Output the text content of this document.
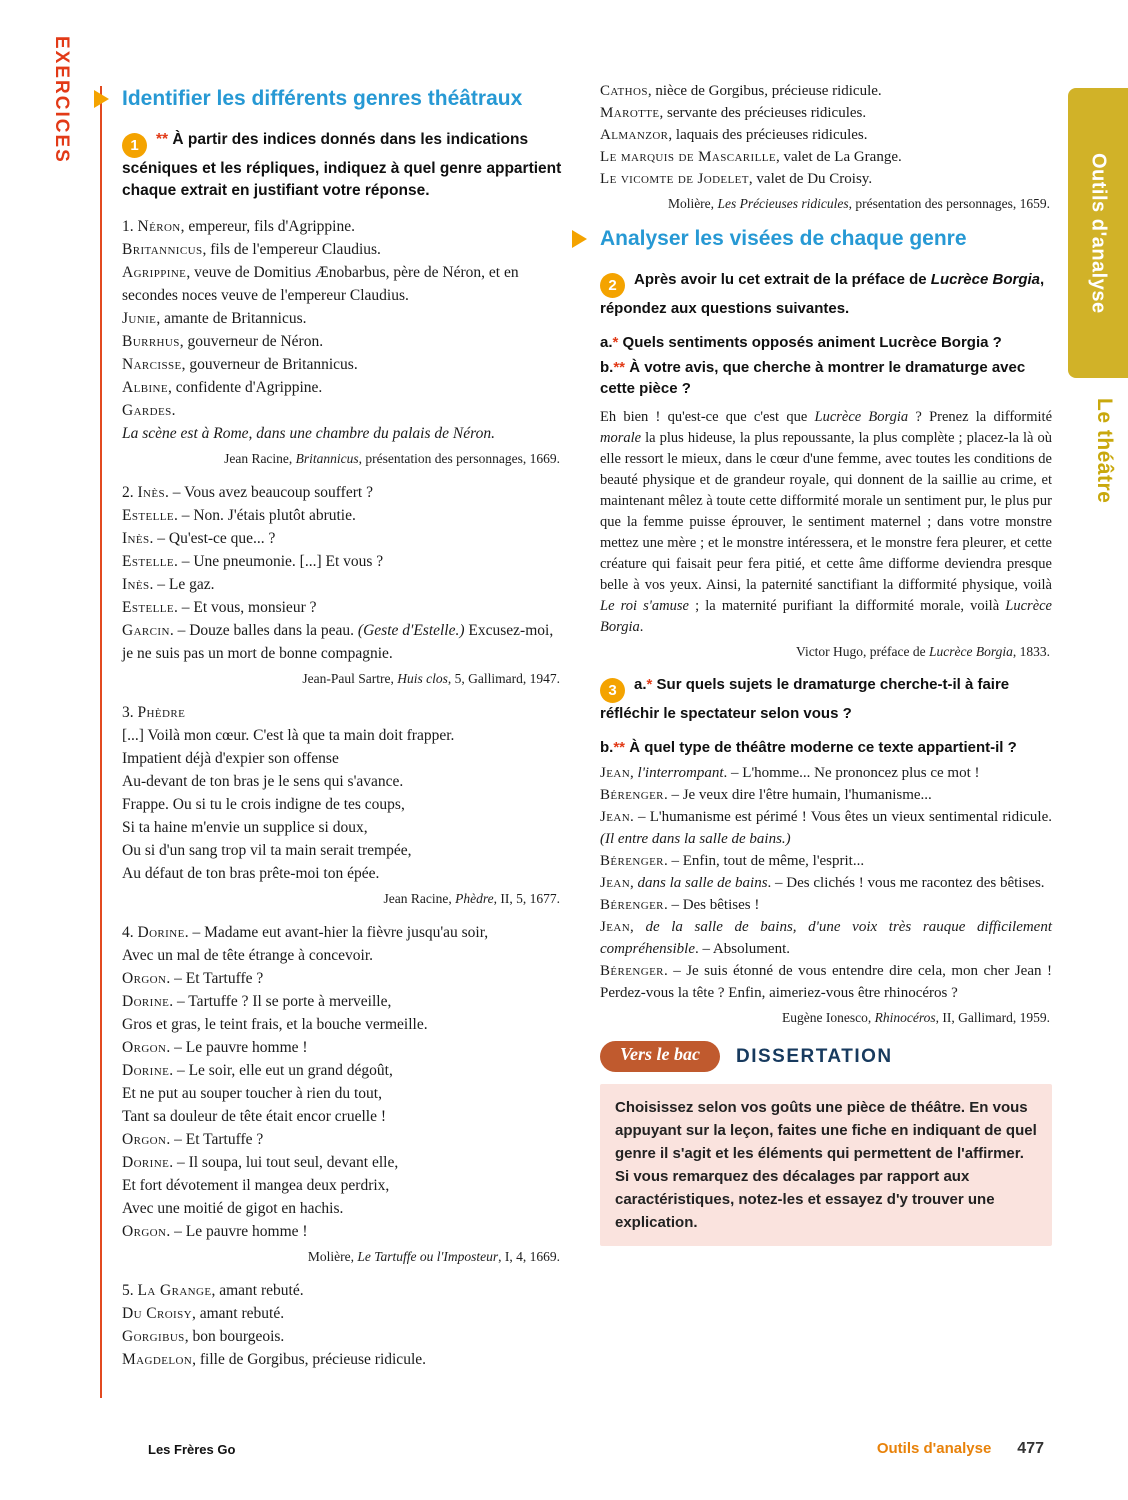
EXERCICES
Outils d'analyse
Le théâtre
Identifier les différents genres théâtraux
1 ** À partir des indices donnés dans les indications scéniques et les répliques, indiquez à quel genre appartient chaque extrait en justifiant votre réponse.
1. Néron, empereur, fils d'Agrippine.
Britannicus, fils de l'empereur Claudius.
Agrippine, veuve de Domitius Ænobarbus, père de Néron, et en secondes noces veuve de l'empereur Claudius.
Junie, amante de Britannicus.
Burrhus, gouverneur de Néron.
Narcisse, gouverneur de Britannicus.
Albine, confidente d'Agrippine.
Gardes.
La scène est à Rome, dans une chambre du palais de Néron.
Jean Racine, Britannicus, présentation des personnages, 1669.
2. Inès. – Vous avez beaucoup souffert ?
Estelle. – Non. J'étais plutôt abrutie.
Inès. – Qu'est-ce que... ?
Estelle. – Une pneumonie. [...] Et vous ?
Inès. – Le gaz.
Estelle. – Et vous, monsieur ?
Garcin. – Douze balles dans la peau. (Geste d'Estelle.) Excusez-moi, je ne suis pas un mort de bonne compagnie.
Jean-Paul Sartre, Huis clos, 5, Gallimard, 1947.
3. Phèdre
[...] Voilà mon cœur. C'est là que ta main doit frapper.
Impatient déjà d'expier son offense
Au-devant de ton bras je le sens qui s'avance.
Frappe. Ou si tu le crois indigne de tes coups,
Si ta haine m'envie un supplice si doux,
Ou si d'un sang trop vil ta main serait trempée,
Au défaut de ton bras prête-moi ton épée.
Jean Racine, Phèdre, II, 5, 1677.
4. Dorine. – Madame eut avant-hier la fièvre jusqu'au soir,
Avec un mal de tête étrange à concevoir.
Orgon. – Et Tartuffe ?
Dorine. – Tartuffe ? Il se porte à merveille,
Gros et gras, le teint frais, et la bouche vermeille.
Orgon. – Le pauvre homme !
Dorine. – Le soir, elle eut un grand dégoût,
Et ne put au souper toucher à rien du tout,
Tant sa douleur de tête était encor cruelle !
Orgon. – Et Tartuffe ?
Dorine. – Il soupa, lui tout seul, devant elle,
Et fort dévotement il mangea deux perdrix,
Avec une moitié de gigot en hachis.
Orgon. – Le pauvre homme !
Molière, Le Tartuffe ou l'Imposteur, I, 4, 1669.
5. La Grange, amant rebuté.
Du Croisy, amant rebuté.
Gorgibus, bon bourgeois.
Magdelon, fille de Gorgibus, précieuse ridicule.
Cathos, nièce de Gorgibus, précieuse ridicule.
Marotte, servante des précieuses ridicules.
Almanzor, laquais des précieuses ridicules.
Le marquis de Mascarille, valet de La Grange.
Le vicomte de Jodelet, valet de Du Croisy.
Molière, Les Précieuses ridicules, présentation des personnages, 1659.
Analyser les visées de chaque genre
2 Après avoir lu cet extrait de la préface de Lucrèce Borgia, répondez aux questions suivantes.
a.* Quels sentiments opposés animent Lucrèce Borgia ?
b.** À votre avis, que cherche à montrer le dramaturge avec cette pièce ?
Eh bien ! qu'est-ce que c'est que Lucrèce Borgia ? Prenez la difformité morale la plus hideuse, la plus repoussante, la plus complète ; placez-la là où elle ressort le mieux, dans le cœur d'une femme, avec toutes les conditions de beauté physique et de grandeur royale, qui donnent de la saillie au crime, et maintenant mêlez à toute cette difformité morale un sentiment pur, le plus pur que la femme puisse éprouver, le sentiment maternel ; dans votre monstre mettez une mère ; et le monstre intéressera, et le monstre fera pleurer, et cette créature qui faisait peur fera pitié, et cette âme difforme deviendra presque belle à vos yeux. Ainsi, la paternité sanctifiant la difformité physique, voilà Le roi s'amuse ; la maternité purifiant la difformité morale, voilà Lucrèce Borgia.
Victor Hugo, préface de Lucrèce Borgia, 1833.
3 a.* Sur quels sujets le dramaturge cherche-t-il à faire réfléchir le spectateur selon vous ?
b.** À quel type de théâtre moderne ce texte appartient-il ?
Jean, l'interrompant. – L'homme... Ne prononcez plus ce mot !
Bérenger. – Je veux dire l'être humain, l'humanisme...
Jean. – L'humanisme est périmé ! Vous êtes un vieux sentimental ridicule. (Il entre dans la salle de bains.)
Bérenger. – Enfin, tout de même, l'esprit...
Jean, dans la salle de bains. – Des clichés ! vous me racontez des bêtises.
Bérenger. – Des bêtises !
Jean, de la salle de bains, d'une voix très rauque difficilement compréhensible. – Absolument.
Bérenger. – Je suis étonné de vous entendre dire cela, mon cher Jean ! Perdez-vous la tête ? Enfin, aimeriez-vous être rhinocéros ?
Eugène Ionesco, Rhinocéros, II, Gallimard, 1959.
Vers le bac	DISSERTATION
Choisissez selon vos goûts une pièce de théâtre. En vous appuyant sur la leçon, faites une fiche en indiquant de quel genre il s'agit et les éléments qui permettent de l'affirmer. Si vous remarquez des décalages par rapport aux caractéristiques, notez-les et essayez d'y trouver une explication.
Les Frères Go	Outils d'analyse 477
